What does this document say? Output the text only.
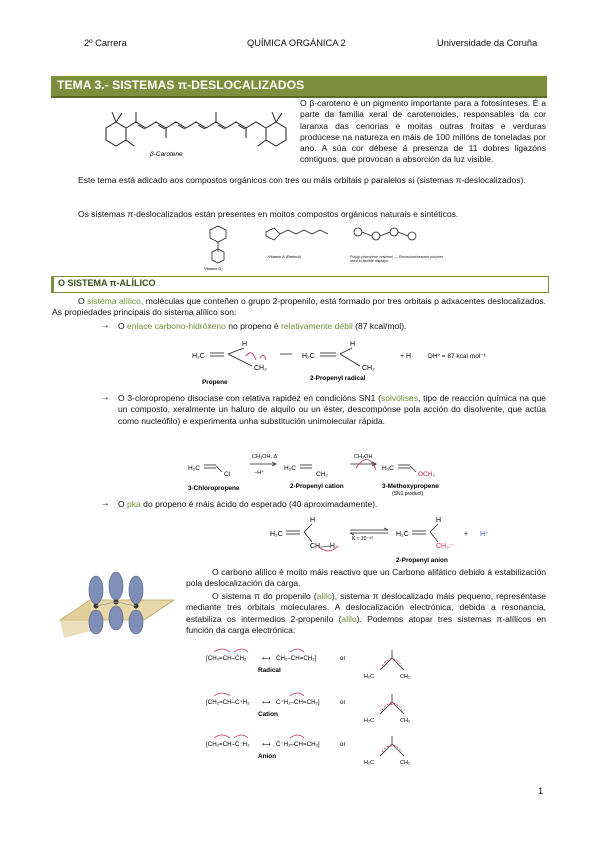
2º Carrera	QUÍMICA ORGÁNICA 2	Universidade da Coruña
TEMA 3.- SISTEMAS π-DESLOCALIZADOS
β-Carotene
O β-caroteno é un pigmento importante para a fotosínteses. É a parte da familia xeral de carotenoides, responsables da cor laranxa das cenorias e moitas outras froitas e verduras prodúcese na natureza en máis de 100 millóns de toneladas por ano. A súa cor débese á presenza de 11 dobres ligazóns contiguos, que provocan a absorción da luz visible.
Este tema está adicado aos compostos orgánicos con tres ou máis orbitais p paralelos si (sistemas π-deslocalizados).
Os sistemas π-deslocalizados están presentes en moitos compostos orgánicos naturais e sintéticos.
Vitamin D₂
Vitamin A (Retinol)	Poly(p-phenylene vinylene) — Electroluminescent polymer used in flexible displays
O SISTEMA π-ALÍLICO
O sistema alílico, moléculas que conteñen o grupo 2-propenilo, está formado por tres orbitais p adxacentes deslocalizados. As propiedades principais do sistema alílico son:
→ O enlace carbono-hidróxeno no propeno é relativamente débil (87 kcal/mol).
H₂C
H
CH₂
H₂C
H
CH₂
+ H· DH° = 87 kcal mol⁻¹
Propene
2-Propenyl radical
→ O 3-cloropropeno disociase con relativa rapidez en condicións SN1 (solvólises, tipo de reacción química na que un composto, xeralmente un haluro de alquilo ou un éster, descompónse pola acción do disolvente, que actúa como nucleófilo) e experimenta unha substitución unimolecular rápida.
H₂C
Cl
H₂C
CH₂
H₂C
OCH₃
CH₃OH, Δ
−H⁺
CH₃OH
3-Chloropropene	2-Propenyl cation	3-Methoxypropene
(SN1 product)
→ O pka do propeno é máis ácido do esperado (40 aproximadamente).
H₂C
H
CH₂—H
H₂C
H
CH₂:⁻
+ H⁺
K ≈ 10⁻⁴⁰
2-Propenyl anion
O carbono alílico é moito máis reactivo que un Carbono alifático debido á estabilización pola deslocalización da carga.
O sistema π do propenilo (alilo), sistema π deslocalizado máis pequeno, represéntase mediante tres orbitais moleculares. A deslocalización electrónica, debida a resonancia, estabiliza os intermedios 2-propenilo (alilo). Podemos atopar tres sistemas π-alílicos en función da carga electrónica.
[CH₂=CH–ĊH₂	⟷ ĊH₂–CH=CH₂]	or
[CH₂=CH–C⁺H₂ ⟷ C⁺H₂–CH=CH₂]	or
[CH₂=CH–C̈⁻H₂ ⟷ C̈⁻H₂–CH=CH₂]	or
Radical
Cation
Anion
H₂C	CH₂
H₂C	CH₂
H₂C	CH₂
+
−
1
